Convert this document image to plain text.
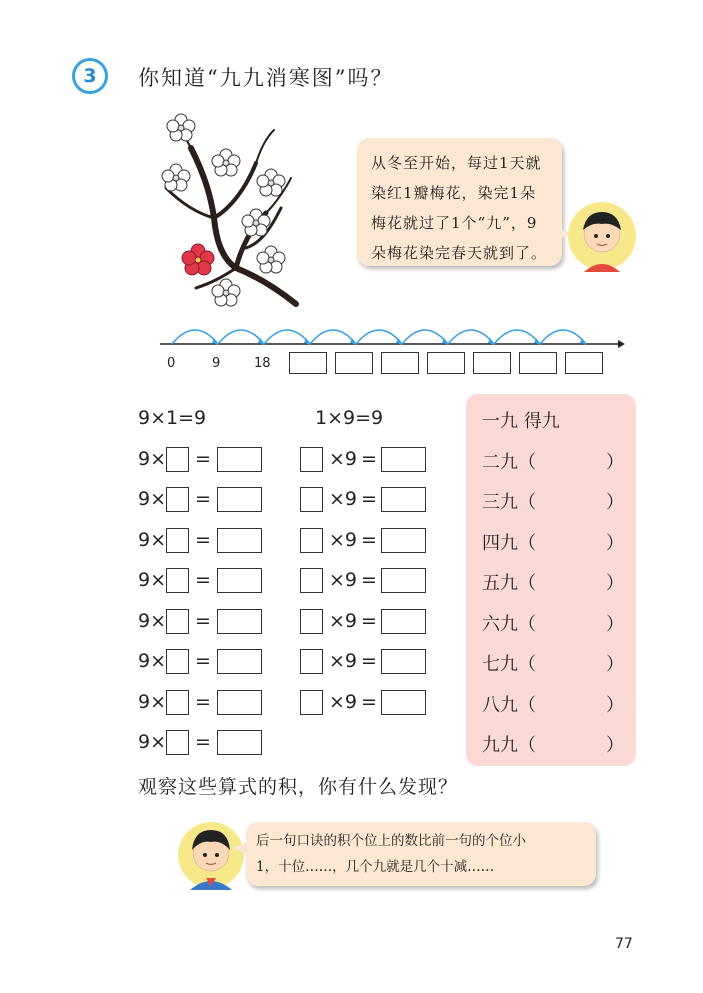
3	你知道“九九消寒图”吗？

从冬至开始，每过1天就

染红1瓣梅花，染完1朵

梅花就过了1个“九”，9

朵梅花染完春天就到了。

0	9	18
9×1=9	1×9=9
9× =	×9 =
9× =	×9 =
9× =	×9 =
9× =	×9 =
9× =	×9 =
9× =	×9 =
9× =	×9 =
9× =
一九 得九
二九（	）
三九（	）
四九（	）
五九（	）
六九（	）
七九（	）
八九（	）
九九（	）
观察这些算式的积，你有什么发现？

后一句口诀的积个位上的数比前一句的个位小

1，十位……，几个九就是几个十减……

77
